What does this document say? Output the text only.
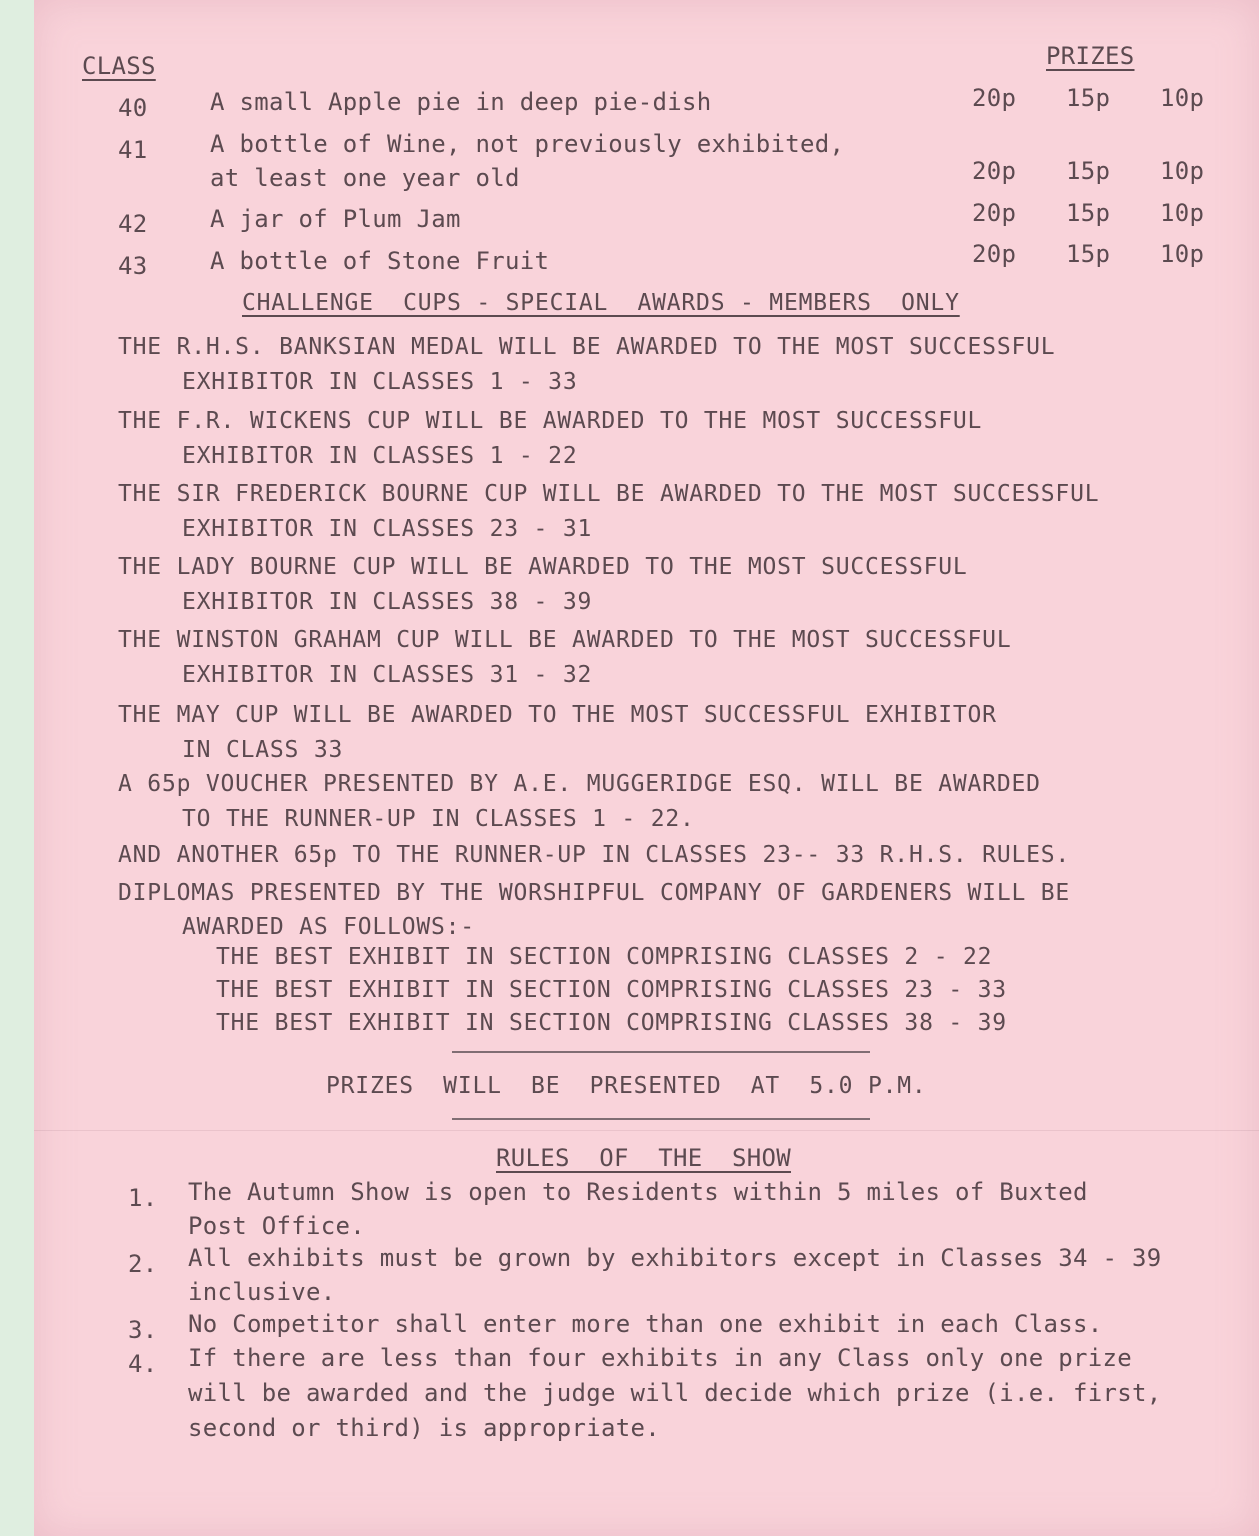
CLASS	PRIZES
40	A small Apple pie in deep pie-dish	20p 15p 10p
41	A bottle of Wine, not previously exhibited,
at least one year old	20p 15p 10p
42	A jar of Plum Jam	20p 15p 10p
43	A bottle of Stone Fruit	20p 15p 10p
CHALLENGE  CUPS - SPECIAL  AWARDS - MEMBERS  ONLY
THE R.H.S. BANKSIAN MEDAL WILL BE AWARDED TO THE MOST SUCCESSFUL
EXHIBITOR IN CLASSES 1 - 33
THE F.R. WICKENS CUP WILL BE AWARDED TO THE MOST SUCCESSFUL
EXHIBITOR IN CLASSES 1 - 22
THE SIR FREDERICK BOURNE CUP WILL BE AWARDED TO THE MOST SUCCESSFUL
EXHIBITOR IN CLASSES 23 - 31
THE LADY BOURNE CUP WILL BE AWARDED TO THE MOST SUCCESSFUL
EXHIBITOR IN CLASSES 38 - 39
THE WINSTON GRAHAM CUP WILL BE AWARDED TO THE MOST SUCCESSFUL
EXHIBITOR IN CLASSES 31 - 32
THE MAY CUP WILL BE AWARDED TO THE MOST SUCCESSFUL EXHIBITOR
IN CLASS 33
A 65p VOUCHER PRESENTED BY A.E. MUGGERIDGE ESQ. WILL BE AWARDED
TO THE RUNNER-UP IN CLASSES 1 - 22.
AND ANOTHER 65p TO THE RUNNER-UP IN CLASSES 23-- 33 R.H.S. RULES.
DIPLOMAS PRESENTED BY THE WORSHIPFUL COMPANY OF GARDENERS WILL BE
AWARDED AS FOLLOWS:-
THE BEST EXHIBIT IN SECTION COMPRISING CLASSES 2 - 22
THE BEST EXHIBIT IN SECTION COMPRISING CLASSES 23 - 33
THE BEST EXHIBIT IN SECTION COMPRISING CLASSES 38 - 39
PRIZES  WILL  BE  PRESENTED  AT  5.0 P.M.
RULES  OF  THE  SHOW
1. The Autumn Show is open to Residents within 5 miles of Buxted
Post Office.
2. All exhibits must be grown by exhibitors except in Classes 34 - 39
inclusive.
3. No Competitor shall enter more than one exhibit in each Class.
4. If there are less than four exhibits in any Class only one prize
will be awarded and the judge will decide which prize (i.e. first,
second or third) is appropriate.
